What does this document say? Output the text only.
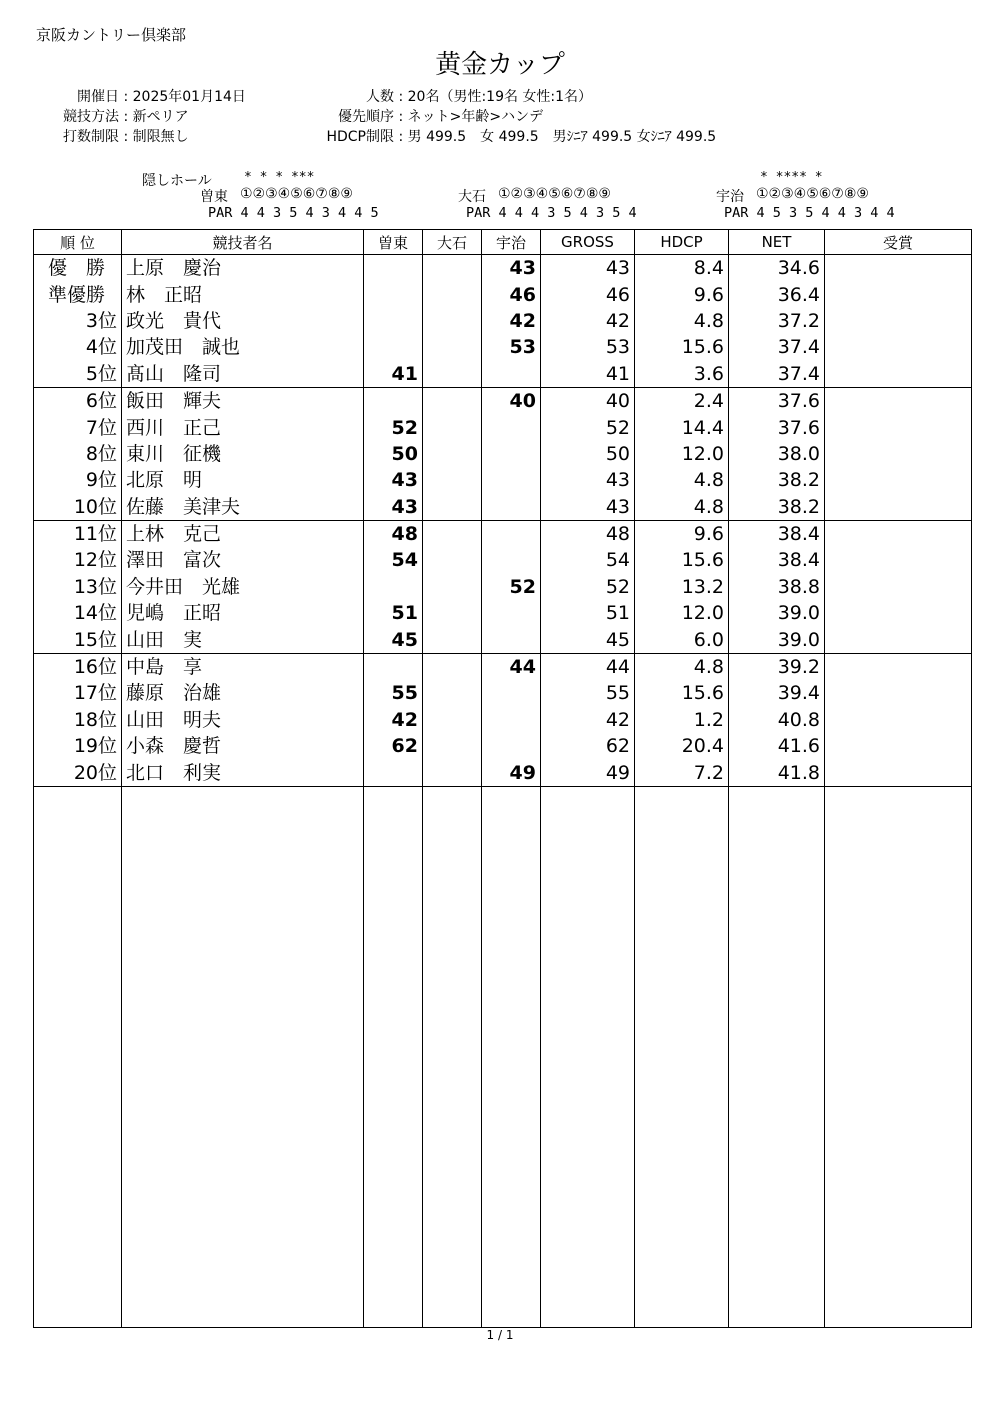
京阪カントリー倶楽部
黄金カップ
開催日 : 2025年01月14日
競技方法 : 新ペリア
打数制限 : 制限無し
人数 : 20名（男性:19名 女性:1名）
優先順序 : ネット>年齢>ハンデ
HDCP制限 : 男 499.5　女 499.5　男ｼﾆｱ 499.5 女ｼﾆｱ 499.5
隠しホール * * * ***
曽東 ①②③④⑤⑥⑦⑧⑨
PAR 4 4 3 5 4 3 4 4 5
大石 ①②③④⑤⑥⑦⑧⑨
PAR 4 4 4 3 5 4 3 5 4
* **** *
宇治 ①②③④⑤⑥⑦⑧⑨
PAR 4 5 3 5 4 4 3 4 4
順 位	競技者名	曽東	大石	宇治	GROSS	HDCP	NET	受賞
優　勝	上原　慶治			43	43	8.4	34.6	
準優勝	林　正昭			46	46	9.6	36.4	
3位	政光　貴代			42	42	4.8	37.2	
4位	加茂田　誠也			53	53	15.6	37.4	
5位	髙山　隆司	41			41	3.6	37.4	
6位	飯田　輝夫			40	40	2.4	37.6	
7位	西川　正己	52			52	14.4	37.6	
8位	東川　征機	50			50	12.0	38.0	
9位	北原　明	43			43	4.8	38.2	
10位	佐藤　美津夫	43			43	4.8	38.2	
11位	上林　克己	48			48	9.6	38.4	
12位	澤田　富次	54			54	15.6	38.4	
13位	今井田　光雄			52	52	13.2	38.8	
14位	児嶋　正昭	51			51	12.0	39.0	
15位	山田　実	45			45	6.0	39.0	
16位	中島　享			44	44	4.8	39.2	
17位	藤原　治雄	55			55	15.6	39.4	
18位	山田　明夫	42			42	1.2	40.8	
19位	小森　慶哲	62			62	20.4	41.6	
20位	北口　利実			49	49	7.2	41.8	

1 / 1
